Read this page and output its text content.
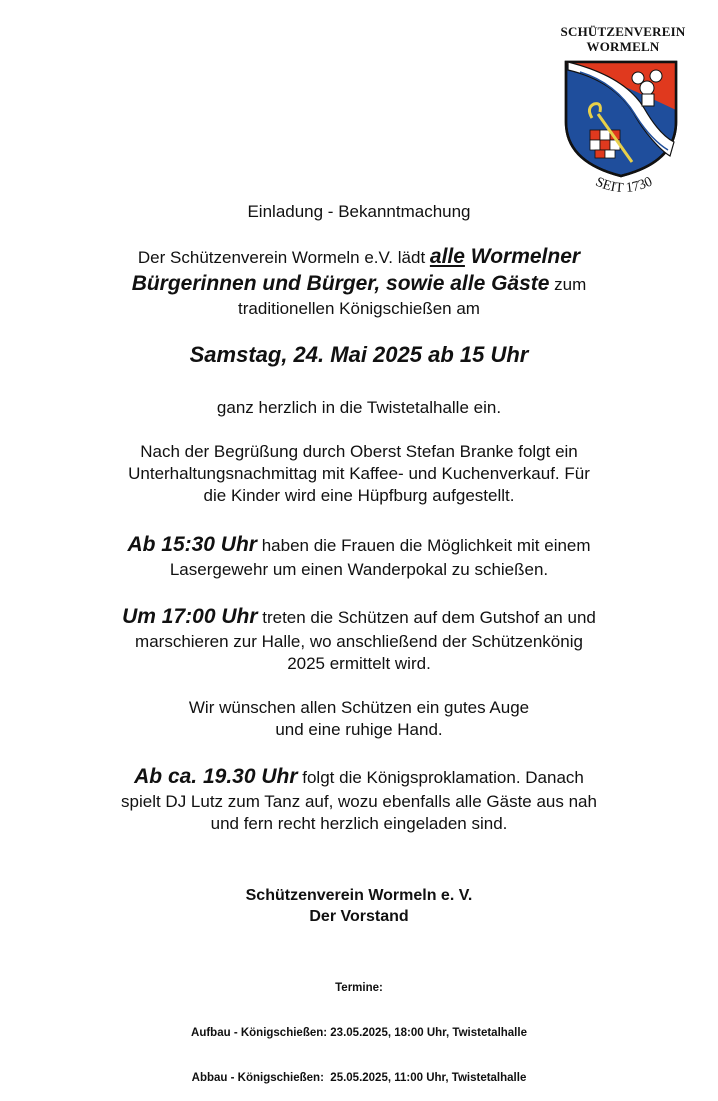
SCHÜTZENVEREIN
WORMELN
SEIT 1730
Einladung - Bekanntmachung
Der Schützenverein Wormeln e.V. lädt alle Wormelner
Bürgerinnen und Bürger, sowie alle Gäste zum
traditionellen Königschießen am
Samstag, 24. Mai 2025 ab 15 Uhr
ganz herzlich in die Twistetalhalle ein.
Nach der Begrüßung durch Oberst Stefan Branke folgt ein
Unterhaltungsnachmittag mit Kaffee- und Kuchenverkauf. Für
die Kinder wird eine Hüpfburg aufgestellt.
Ab 15:30 Uhr haben die Frauen die Möglichkeit mit einem
Lasergewehr um einen Wanderpokal zu schießen.
Um 17:00 Uhr treten die Schützen auf dem Gutshof an und
marschieren zur Halle, wo anschließend der Schützenkönig
2025 ermittelt wird.
Wir wünschen allen Schützen ein gutes Auge
und eine ruhige Hand.
Ab ca. 19.30 Uhr folgt die Königsproklamation. Danach
spielt DJ Lutz zum Tanz auf, wozu ebenfalls alle Gäste aus nah
und fern recht herzlich eingeladen sind.
Schützenverein Wormeln e. V.
Der Vorstand

Termine:

Aufbau - Königschießen: 23.05.2025, 18:00 Uhr, Twistetalhalle

Abbau - Königschießen:  25.05.2025, 11:00 Uhr, Twistetalhalle
